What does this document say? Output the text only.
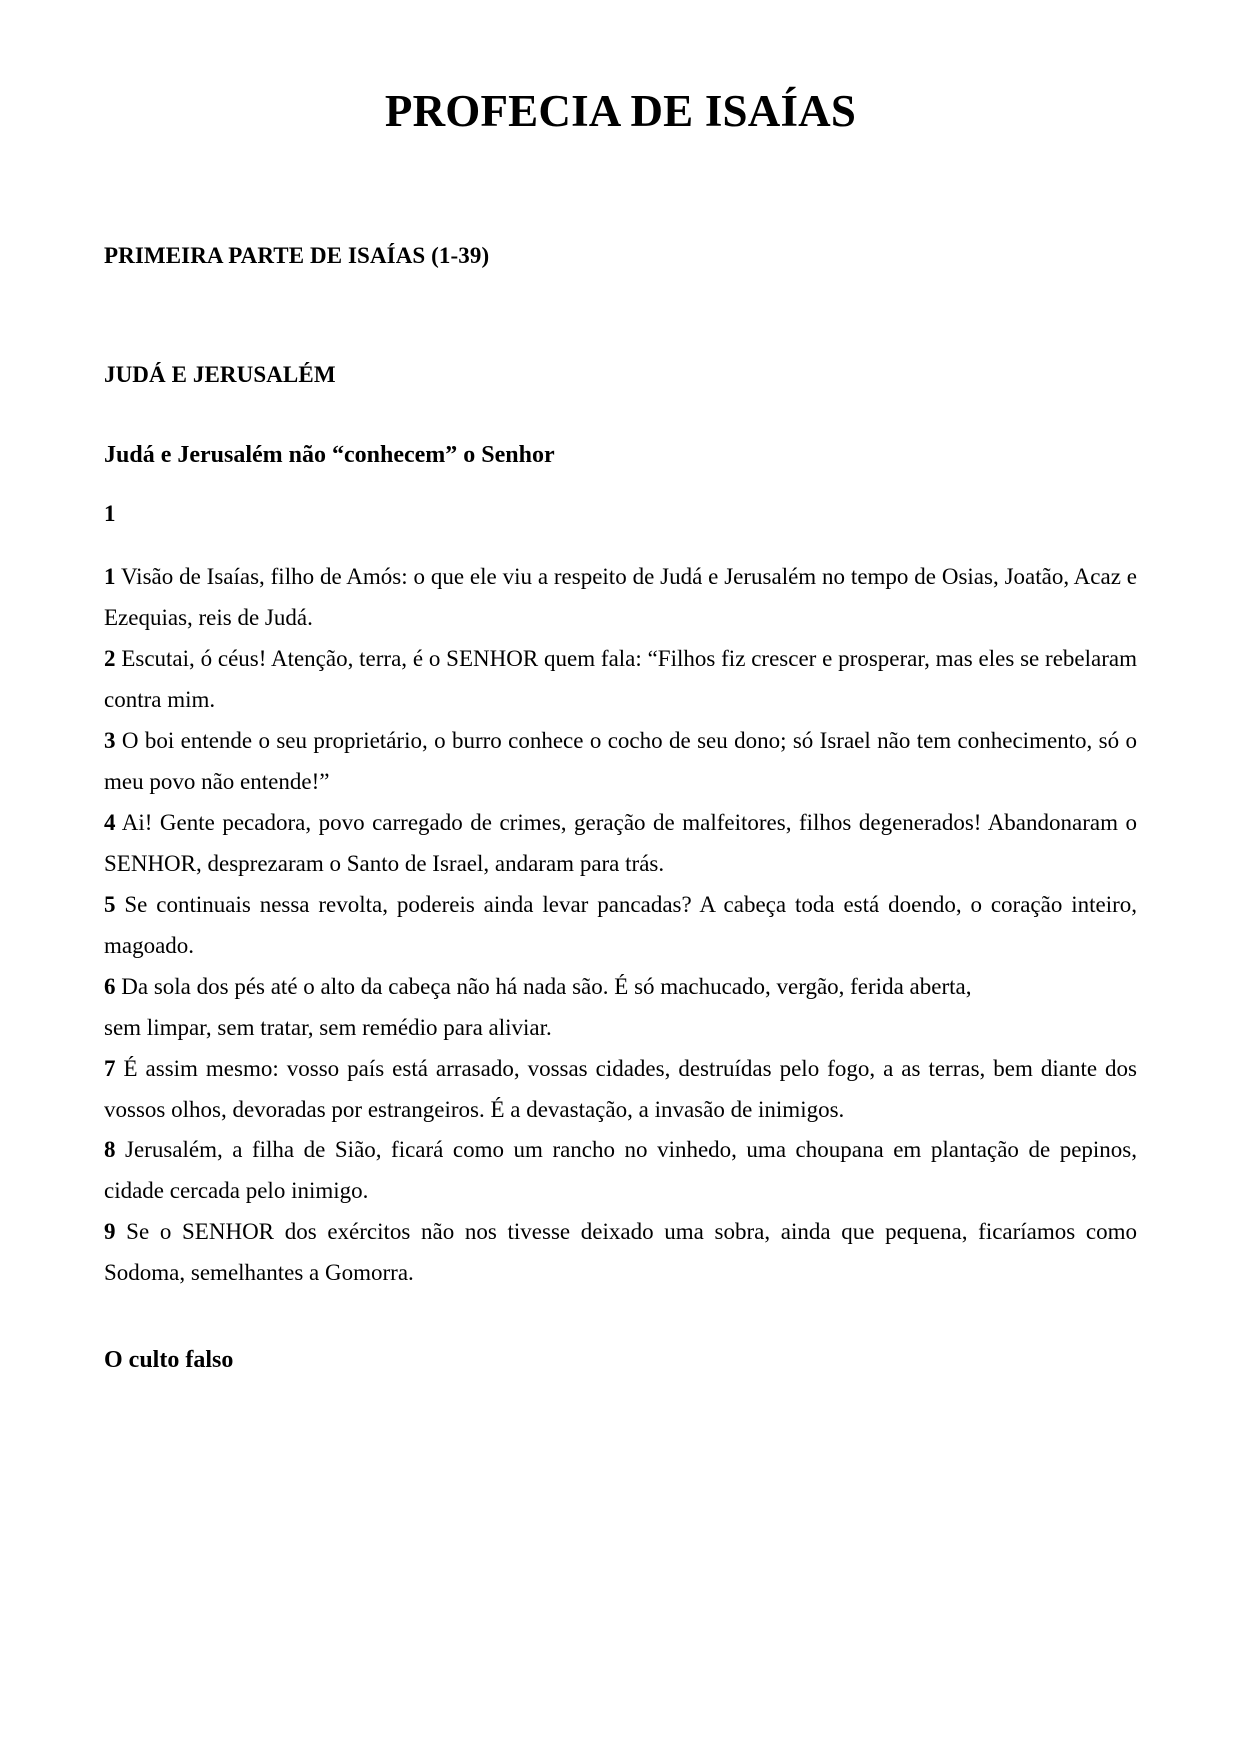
PROFECIA DE ISAÍAS
PRIMEIRA PARTE DE ISAÍAS (1-39)
JUDÁ E JERUSALÉM
Judá e Jerusalém não “conhecem” o Senhor
1

1 Visão de Isaías, filho de Amós: o que ele viu a respeito de Judá e Jerusalém no tempo de Osias, Joatão, Acaz e Ezequias, reis de Judá.

2 Escutai, ó céus! Atenção, terra, é o SENHOR quem fala: “Filhos fiz crescer e prosperar, mas eles se rebelaram contra mim.

3 O boi entende o seu proprietário, o burro conhece o cocho de seu dono; só Israel não tem conhecimento, só o meu povo não entende!”

4 Ai! Gente pecadora, povo carregado de crimes, geração de malfeitores, filhos degenerados! Abandonaram o SENHOR, desprezaram o Santo de Israel, andaram para trás.

5 Se continuais nessa revolta, podereis ainda levar pancadas? A cabeça toda está doendo, o coração inteiro, magoado.

6 Da sola dos pés até o alto da cabeça não há nada são. É só machucado, vergão, ferida aberta,

sem limpar, sem tratar, sem remédio para aliviar.

7 É assim mesmo: vosso país está arrasado, vossas cidades, destruídas pelo fogo, a as terras, bem diante dos vossos olhos, devoradas por estrangeiros. É a devastação, a invasão de inimigos.

8 Jerusalém, a filha de Sião, ficará como um rancho no vinhedo, uma choupana em plantação de pepinos, cidade cercada pelo inimigo.

9 Se o SENHOR dos exércitos não nos tivesse deixado uma sobra, ainda que pequena, ficaríamos como Sodoma, semelhantes a Gomorra.

O culto falso
